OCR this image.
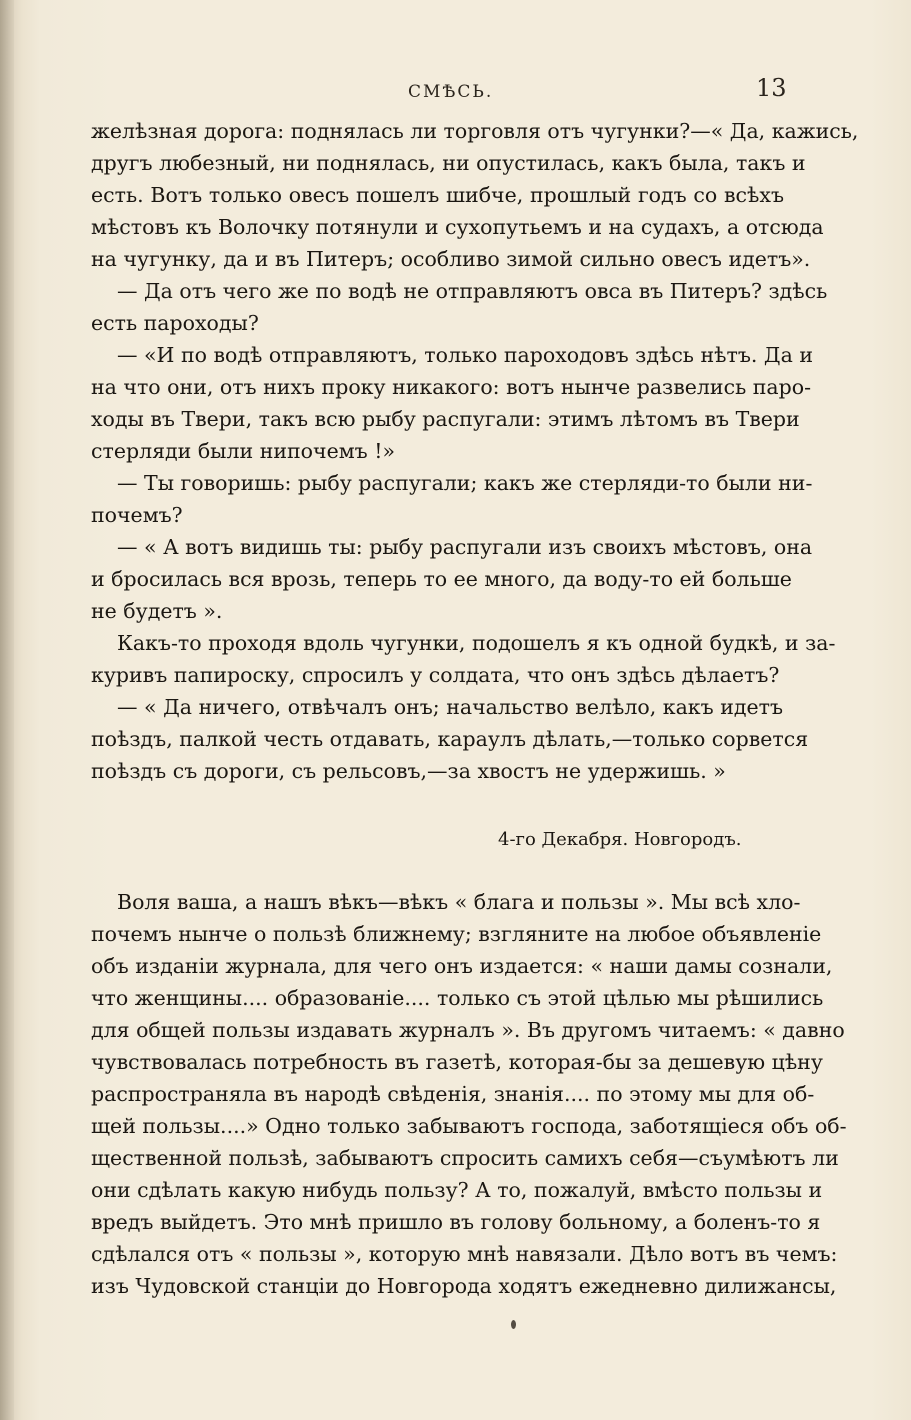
СМѢСЬ.	13
желѣзная дорога: поднялась ли торговля отъ чугунки?—« Да, кажись,
другъ любезный, ни поднялась, ни опустилась, какъ была, такъ и
есть. Вотъ только овесъ пошелъ шибче, прошлый годъ со всѣхъ
мѣстовъ къ Волочку потянули и сухопутьемъ и на судахъ, а отсюда
на чугунку, да и въ Питеръ; особливо зимой сильно овесъ идетъ».
— Да отъ чего же по водѣ не отправляютъ овса въ Питеръ? здѣсь
есть пароходы?
— «И по водѣ отправляютъ, только пароходовъ здѣсь нѣтъ. Да и
на что они, отъ нихъ проку никакого: вотъ нынче развелись паро-
ходы въ Твери, такъ всю рыбу распугали: этимъ лѣтомъ въ Твери
стерляди были нипочемъ !»
— Ты говоришь: рыбу распугали; какъ же стерляди-то были ни-
почемъ?
— « А вотъ видишь ты: рыбу распугали изъ своихъ мѣстовъ, она
и бросилась вся врозь, теперь то ее много, да воду-то ей больше
не будетъ ».
Какъ-то проходя вдоль чугунки, подошелъ я къ одной будкѣ, и за-
куривъ папироску, спросилъ у солдата, что онъ здѣсь дѣлаетъ?
— « Да ничего, отвѣчалъ онъ; начальство велѣло, какъ идетъ
поѣздъ, палкой честь отдавать, караулъ дѣлать,—только сорвется
поѣздъ съ дороги, съ рельсовъ,—за хвостъ не удержишь. »
4-го Декабря. Новгородъ.
Воля ваша, а нашъ вѣкъ—вѣкъ « блага и пользы ». Мы всѣ хло-
почемъ нынче о пользѣ ближнему; взгляните на любое объявленіе
объ изданіи журнала, для чего онъ издается: « наши дамы сознали,
что женщины.... образованіе.... только съ этой цѣлью мы рѣшились
для общей пользы издавать журналъ ». Въ другомъ читаемъ: « давно
чувствовалась потребность въ газетѣ, которая-бы за дешевую цѣну
распространяла въ народѣ свѣденія, знанія.... по этому мы для об-
щей пользы....» Одно только забываютъ господа, заботящіеся объ об-
щественной пользѣ, забываютъ спросить самихъ себя—съумѣютъ ли
они сдѣлать какую нибудь пользу? А то, пожалуй, вмѣсто пользы и
вредъ выйдетъ. Это мнѣ пришло въ голову больному, а боленъ-то я
сдѣлался отъ « пользы », которую мнѣ навязали. Дѣло вотъ въ чемъ:
изъ Чудовской станціи до Новгорода ходятъ ежедневно дилижансы,
